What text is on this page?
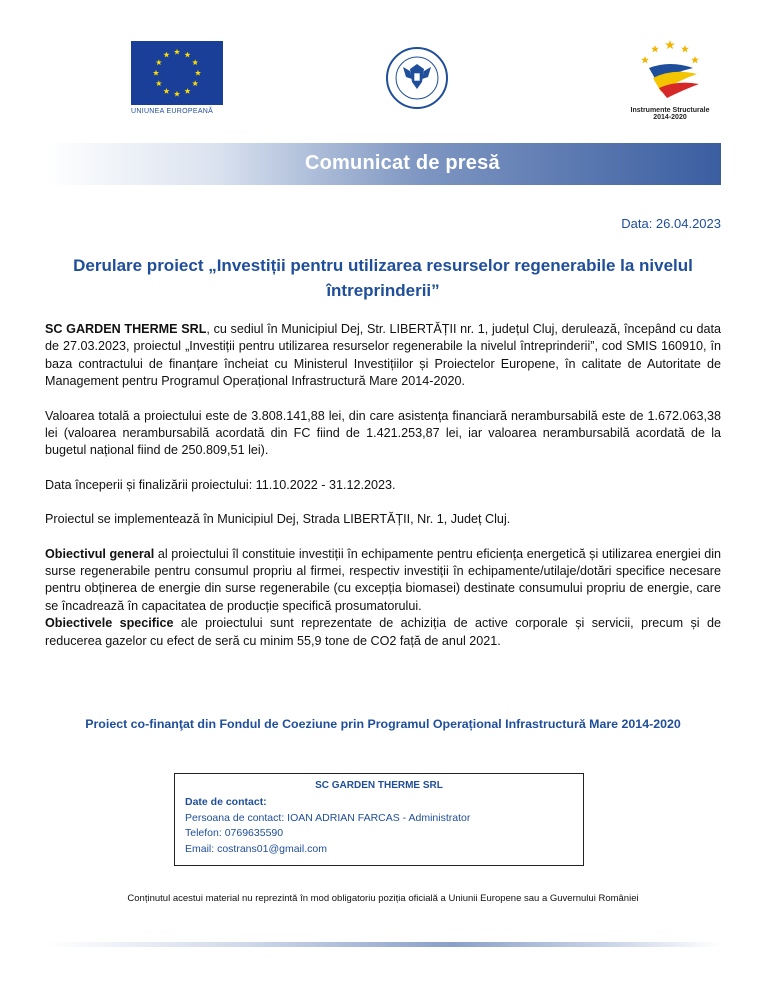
UNIUNEA EUROPEANĂ	Instrumente Structurale
2014-2020
Comunicat de presă
Data: 26.04.2023
Derulare proiect „Investiții pentru utilizarea resurselor regenerabile la nivelul întreprinderii”

SC GARDEN THERME SRL, cu sediul în Municipiul Dej, Str. LIBERTĂȚII nr. 1, județul Cluj, derulează, începând cu data de 27.03.2023, proiectul „Investiții pentru utilizarea resurselor regenerabile la nivelul întreprinderii”, cod SMIS 160910, în baza contractului de finanțare încheiat cu Ministerul Investițiilor și Proiectelor Europene, în calitate de Autoritate de Management pentru Programul Operațional Infrastructură Mare 2014-2020.

Valoarea totală a proiectului este de 3.808.141,88 lei, din care asistența financiară nerambursabilă este de 1.672.063,38 lei (valoarea nerambursabilă acordată din FC fiind de 1.421.253,87 lei, iar valoarea nerambursabilă acordată de la bugetul național fiind de 250.809,51 lei).

Data începerii și finalizării proiectului: 11.10.2022 - 31.12.2023.

Proiectul se implementează în Municipiul Dej, Strada LIBERTĂȚII, Nr. 1, Județ Cluj.

Obiectivul general al proiectului îl constituie investiții în echipamente pentru eficiența energetică și utilizarea energiei din surse regenerabile pentru consumul propriu al firmei, respectiv investiții în echipamente/utilaje/dotări specifice necesare pentru obținerea de energie din surse regenerabile (cu excepția biomasei) destinate consumului propriu de energie, care se încadrează în capacitatea de producție specifică prosumatorului.

Obiectivele specifice ale proiectului sunt reprezentate de achiziția de active corporale și servicii, precum și de reducerea gazelor cu efect de seră cu minim 55,9 tone de CO2 față de anul 2021.

Proiect co-finanţat din Fondul de Coeziune prin Programul Operațional Infrastructură Mare 2014-2020
SC GARDEN THERME SRL
Date de contact:
Persoana de contact: IOAN ADRIAN FARCAS - Administrator
Telefon: 0769635590
Email: costrans01@gmail.com
Conținutul acestui material nu reprezintă în mod obligatoriu poziția oficială a Uniunii Europene sau a Guvernului României
